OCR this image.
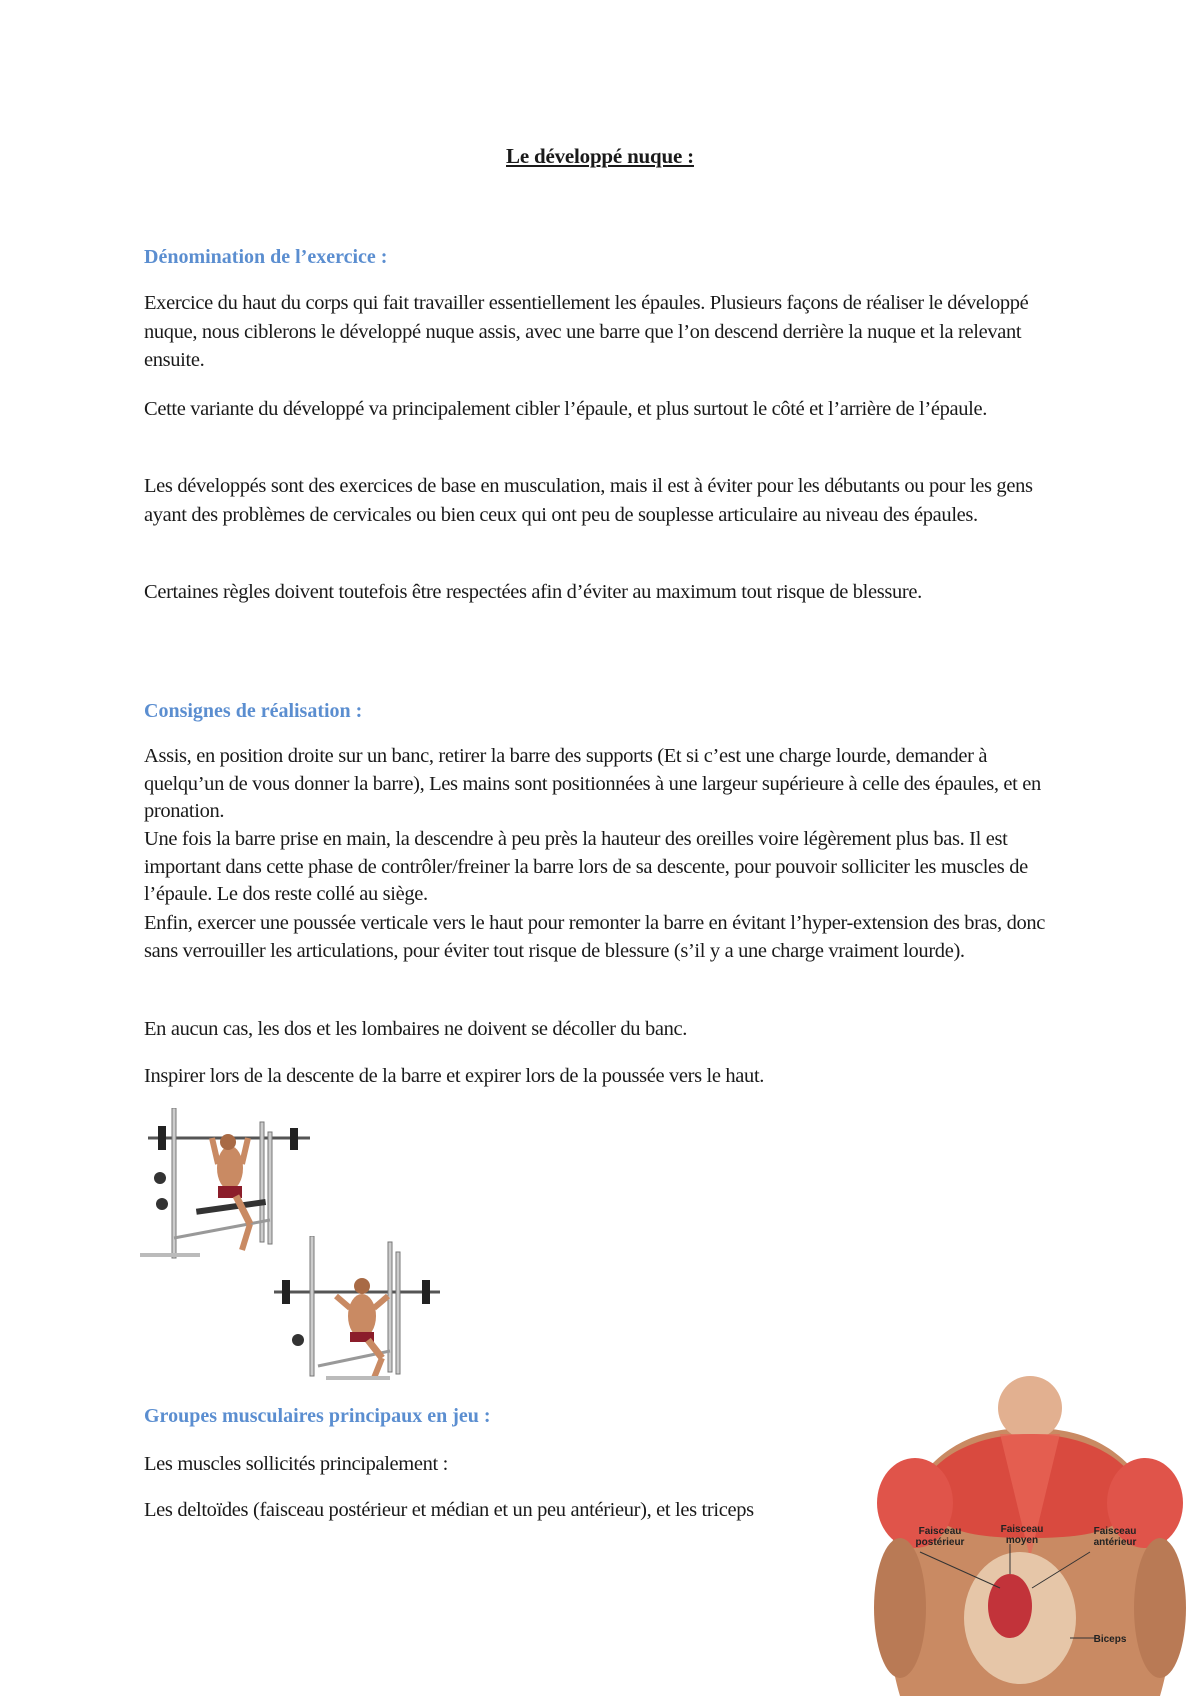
Le développé nuque :
Dénomination de l’exercice :
Exercice du haut du corps qui fait travailler essentiellement les épaules. Plusieurs façons de réaliser le développé nuque, nous ciblerons le développé nuque assis, avec une barre que l’on descend derrière la nuque et la relevant ensuite.
Cette variante du développé va principalement cibler l’épaule, et plus surtout le côté et l’arrière de l’épaule.
Les développés sont des exercices de base en musculation, mais il est à éviter pour les débutants ou pour les gens ayant des problèmes de cervicales ou bien ceux qui ont peu de souplesse articulaire au niveau des épaules.
Certaines règles doivent toutefois être respectées afin d’éviter au maximum tout risque de blessure.
Consignes de réalisation :
Assis, en position droite sur un banc, retirer la barre des supports (Et si c’est une charge lourde, demander à quelqu’un de vous donner la barre), Les mains sont positionnées à une largeur supérieure à celle des épaules, et en pronation.
Une fois la barre prise en main, la descendre à peu près la hauteur des oreilles voire légèrement plus bas. Il est important dans cette phase de contrôler/freiner la barre lors de sa descente, pour pouvoir solliciter les muscles de l’épaule. Le dos reste collé au siège.
Enfin, exercer une poussée verticale vers le haut pour remonter la barre en évitant l’hyper-extension des bras, donc sans verrouiller les articulations, pour éviter tout risque de blessure (s’il y a une charge vraiment lourde).
En aucun cas, les dos et les lombaires ne doivent se décoller du banc.
Inspirer lors de la descente de la barre et expirer lors de la poussée vers le haut.
Groupes musculaires principaux en jeu :
Les muscles sollicités principalement :
Les deltoïdes (faisceau postérieur et médian et un peu antérieur), et les triceps
Faisceau
postérieur
Faisceau
moyen
Faisceau
antérieur
Biceps
